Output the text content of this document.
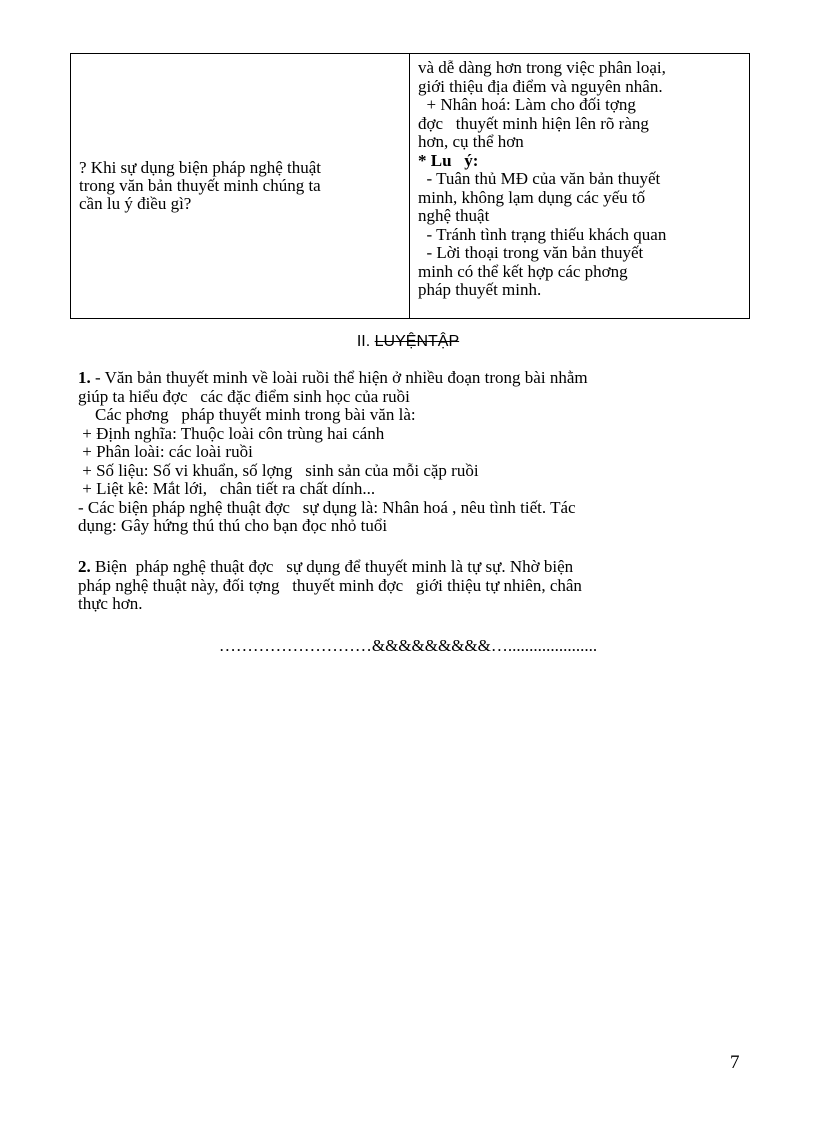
? Khi sự dụng biện pháp nghệ thuật
trong văn bản thuyết minh chúng ta
cần lu ý điều gì?
và dễ dàng hơn trong việc phân loại,
giới thiệu địa điểm và nguyên nhân.
+ Nhân hoá: Làm cho đối tợng
đợc   thuyết minh hiện lên rõ ràng
hơn, cụ thể hơn
* Lu   ý:
- Tuân thủ MĐ của văn bản thuyết
minh, không lạm dụng các yếu tố
nghệ thuật
- Tránh tình trạng thiếu khách quan
- Lời thoại trong văn bản thuyết
minh có thể kết hợp các phơng
pháp thuyết minh.
II. LUYỆNTẬP
1. - Văn bản thuyết minh về loài ruồi thể hiện ở nhiều đoạn trong bài nhằm
giúp ta hiểu đợc   các đặc điểm sinh học của ruồi
Các phơng   pháp thuyết minh trong bài văn là:
+ Định nghĩa: Thuộc loài côn trùng hai cánh
+ Phân loài: các loài ruồi
+ Số liệu: Số vi khuẩn, số lợng   sinh sản của mỗi cặp ruồi
+ Liệt kê: Mắt lới,   chân tiết ra chất dính...
- Các biện pháp nghệ thuật đợc   sự dụng là: Nhân hoá , nêu tình tiết. Tác
dụng: Gây hứng thú thú cho bạn đọc nhỏ tuổi
2. Biện  pháp nghệ thuật đợc   sự dụng để thuyết minh là tự sự. Nhờ biện
pháp nghệ thuật này, đối tợng   thuyết minh đợc   giới thiệu tự nhiên, chân
thực hơn.
………………………&&&&&&&&&….....................
7
